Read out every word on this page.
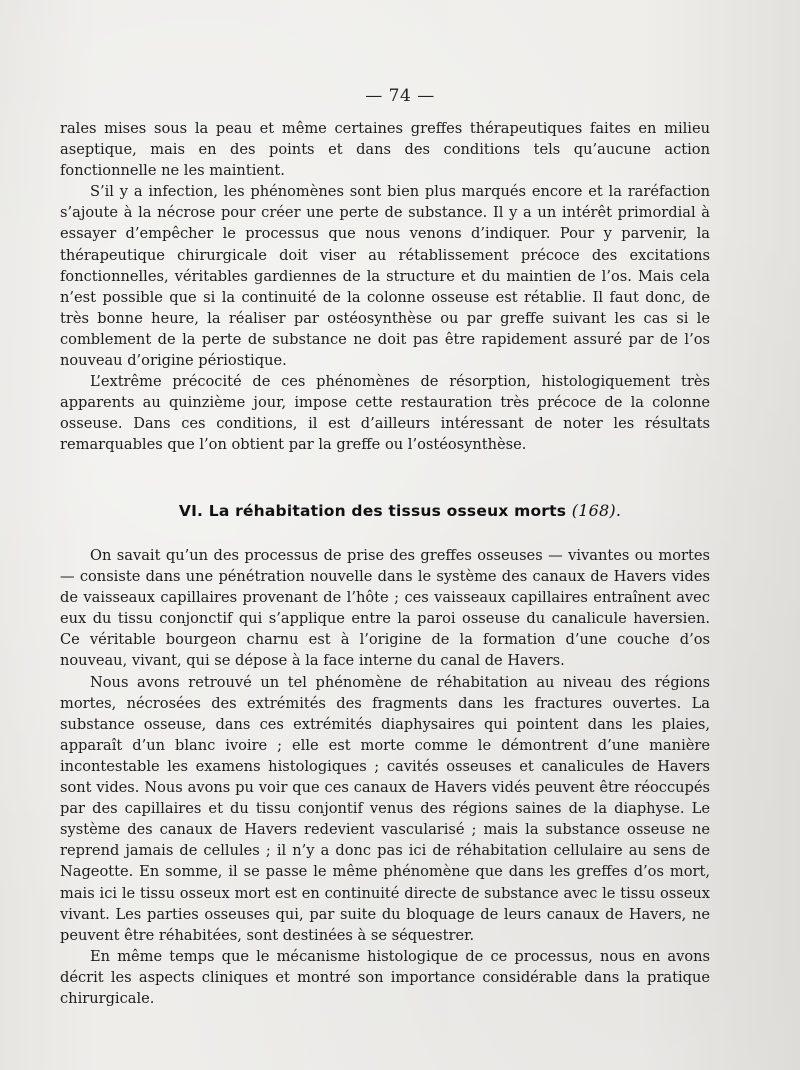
— 74 —

rales mises sous la peau et même certaines greffes thérapeutiques faites en milieu aseptique, mais en des points et dans des conditions tels qu’aucune action fonctionnelle ne les maintient.

S’il y a infection, les phénomènes sont bien plus marqués encore et la raréfaction s’ajoute à la nécrose pour créer une perte de substance. Il y a un intérêt primordial à essayer d’empêcher le processus que nous venons d’indiquer. Pour y parvenir, la thérapeutique chirurgicale doit viser au rétablissement précoce des excitations fonctionnelles, véritables gardiennes de la structure et du maintien de l’os. Mais cela n’est possible que si la continuité de la colonne osseuse est rétablie. Il faut donc, de très bonne heure, la réaliser par ostéosynthèse ou par greffe suivant les cas si le comblement de la perte de substance ne doit pas être rapidement assuré par de l’os nouveau d’origine périostique.

L’extrême précocité de ces phénomènes de résorption, histologiquement très apparents au quinzième jour, impose cette restauration très précoce de la colonne osseuse. Dans ces conditions, il est d’ailleurs intéressant de noter les résultats remarquables que l’on obtient par la greffe ou l’ostéosynthèse.

VI. La réhabitation des tissus osseux morts (168).

On savait qu’un des processus de prise des greffes osseuses — vivantes ou mortes — consiste dans une pénétration nouvelle dans le système des canaux de Havers vides de vaisseaux capillaires provenant de l’hôte ; ces vaisseaux capillaires entraînent avec eux du tissu conjonctif qui s’applique entre la paroi osseuse du canalicule haversien. Ce véritable bourgeon charnu est à l’origine de la formation d’une couche d’os nouveau, vivant, qui se dépose à la face interne du canal de Havers.

Nous avons retrouvé un tel phénomène de réhabitation au niveau des régions mortes, nécrosées des extrémités des fragments dans les fractures ouvertes. La substance osseuse, dans ces extrémités diaphysaires qui pointent dans les plaies, apparaît d’un blanc ivoire ; elle est morte comme le démontrent d’une manière incontestable les examens histologiques ; cavités osseuses et canalicules de Havers sont vides. Nous avons pu voir que ces canaux de Havers vidés peuvent être réoccupés par des capillaires et du tissu conjontif venus des régions saines de la diaphyse. Le système des canaux de Havers redevient vascularisé ; mais la substance osseuse ne reprend jamais de cellules ; il n’y a donc pas ici de réhabitation cellulaire au sens de Nageotte. En somme, il se passe le même phénomène que dans les greffes d’os mort, mais ici le tissu osseux mort est en continuité directe de substance avec le tissu osseux vivant. Les parties osseuses qui, par suite du bloquage de leurs canaux de Havers, ne peuvent être réhabitées, sont destinées à se séquestrer.

En même temps que le mécanisme histologique de ce processus, nous en avons décrit les aspects cliniques et montré son importance considérable dans la pratique chirurgicale.
